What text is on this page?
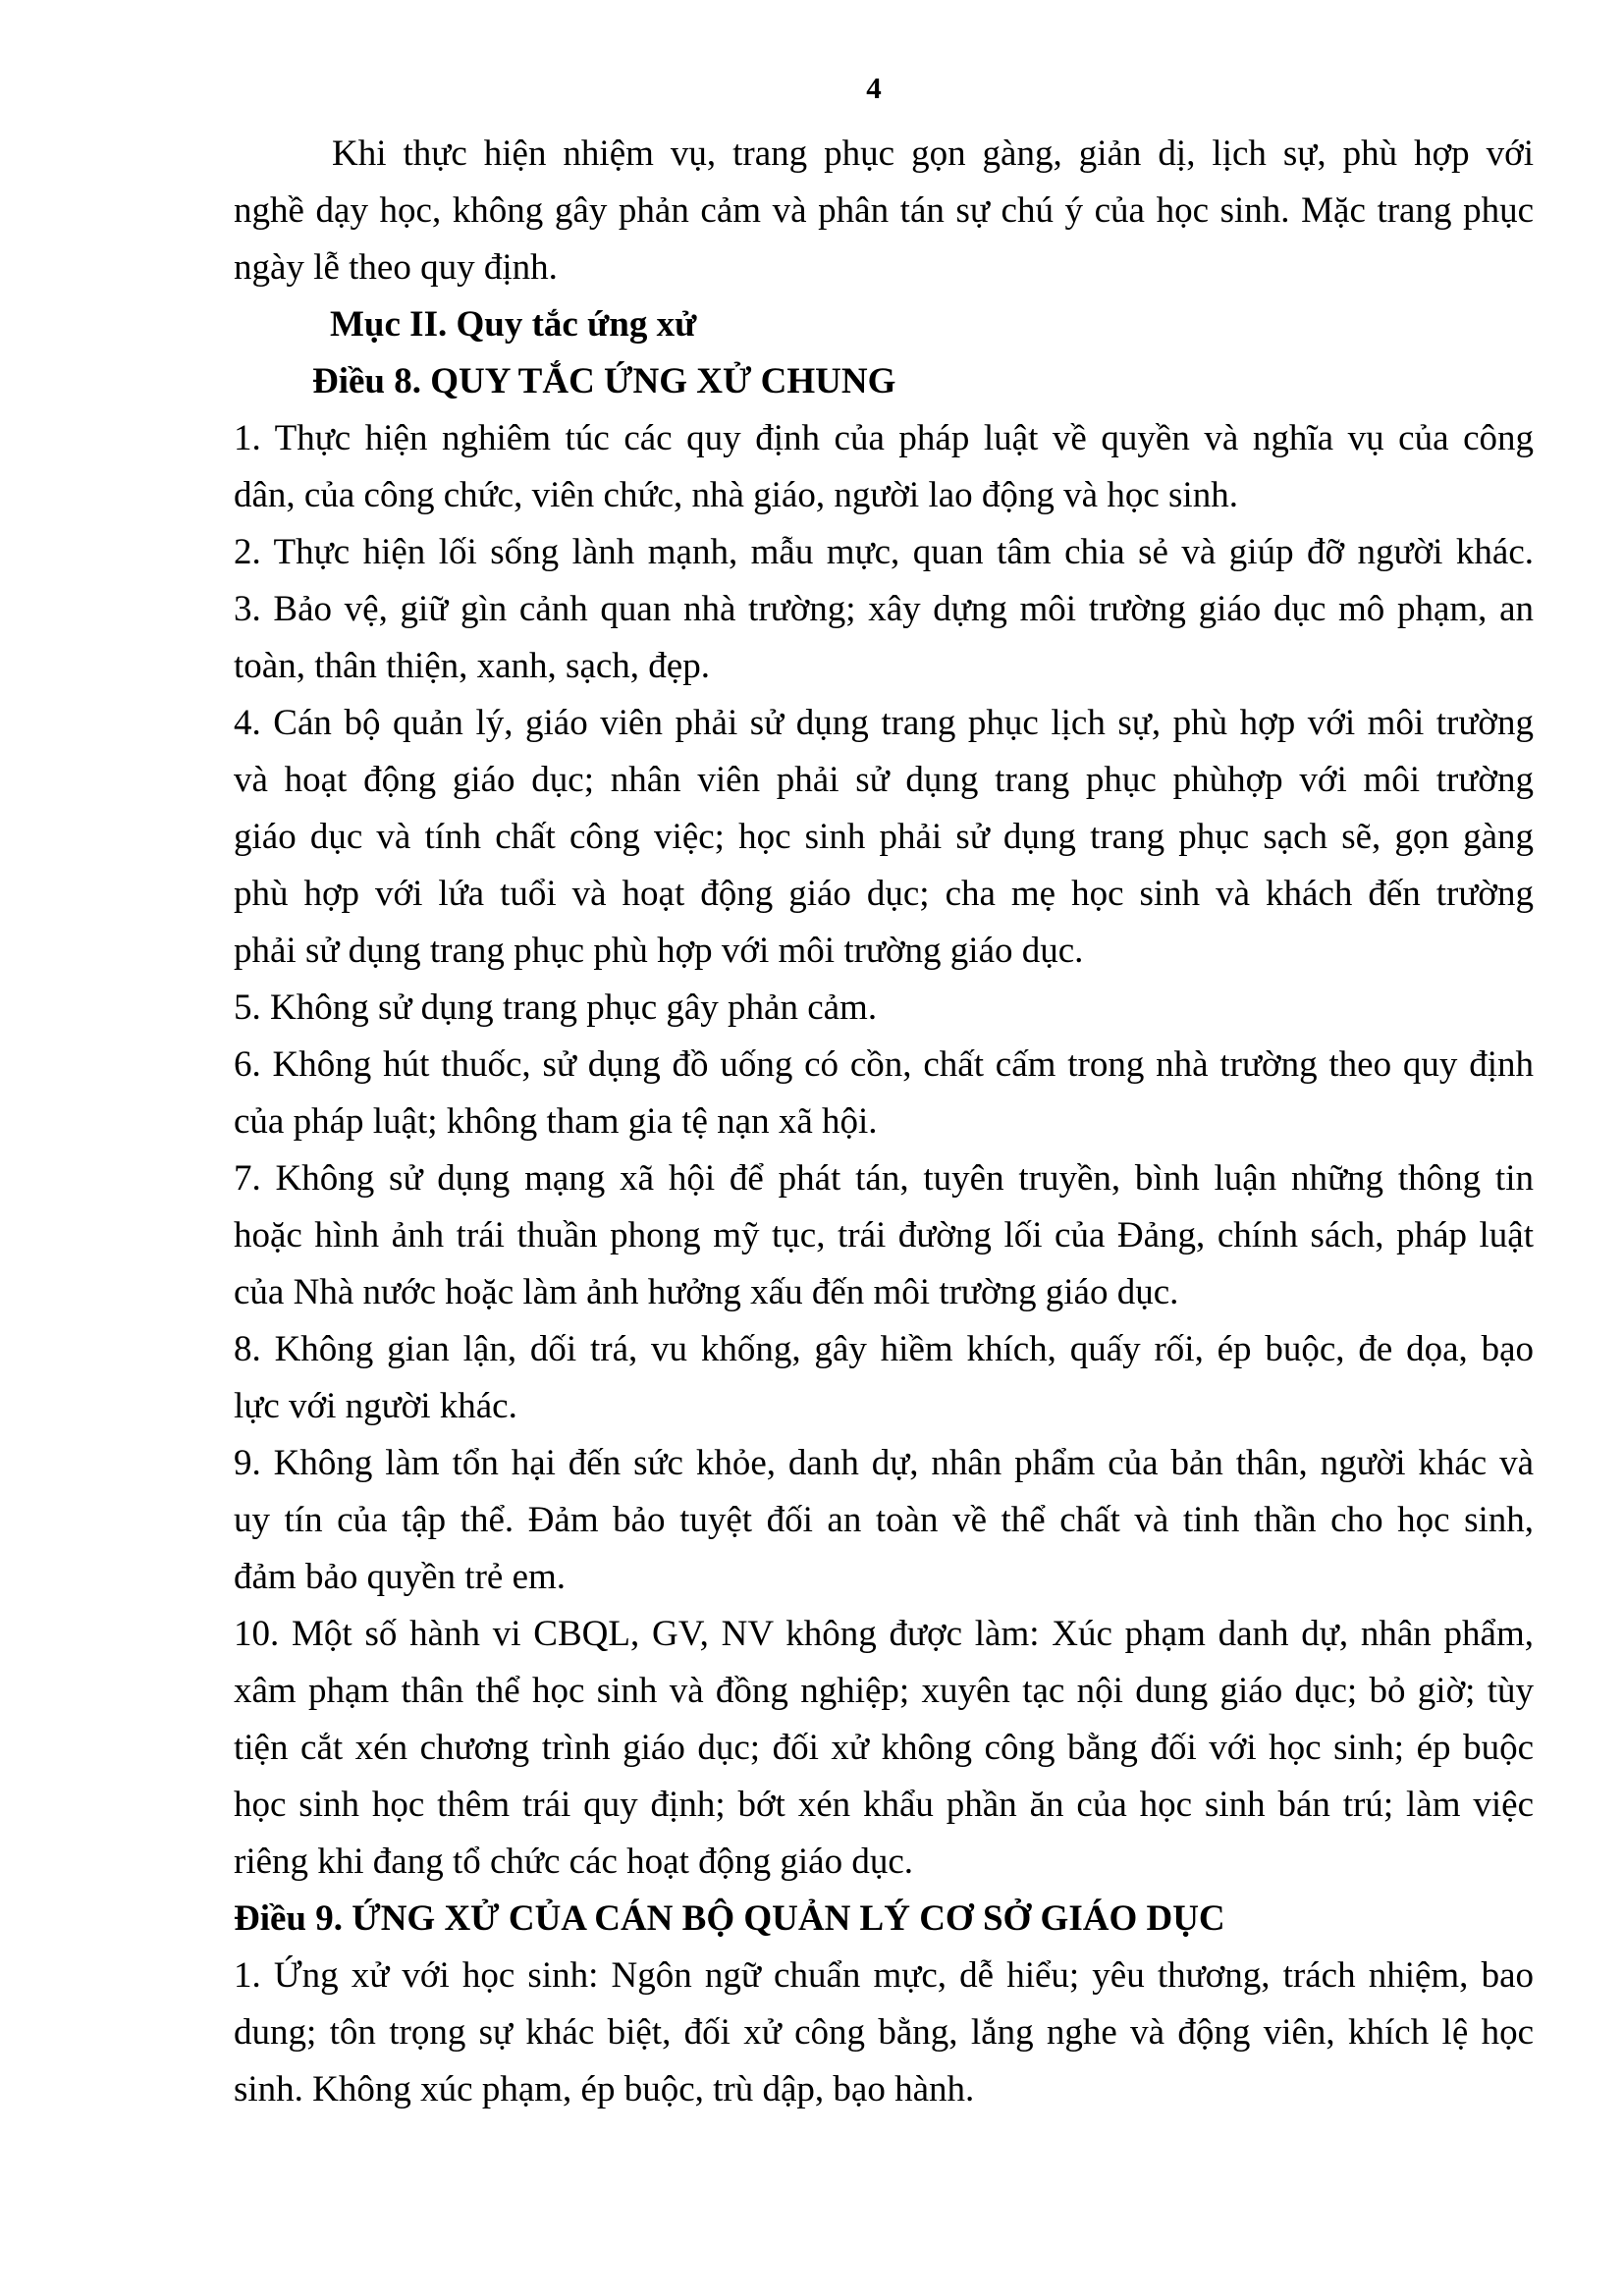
4
Khi thực hiện nhiệm vụ, trang phục gọn gàng, giản dị, lịch sự, phù hợp với
nghề dạy học, không gây phản cảm và phân tán sự chú ý của học sinh. Mặc trang phục
ngày lễ theo quy định.
Mục II. Quy tắc ứng xử
Điều 8. QUY TẮC ỨNG XỬ CHUNG
1. Thực hiện nghiêm túc các quy định của pháp luật về quyền và nghĩa vụ của công
dân, của công chức, viên chức, nhà giáo, người lao động và học sinh.
2. Thực hiện lối sống lành mạnh, mẫu mực, quan tâm chia sẻ và giúp đỡ người khác.
3. Bảo vệ, giữ gìn cảnh quan nhà trường; xây dựng môi trường giáo dục mô phạm, an
toàn, thân thiện, xanh, sạch, đẹp.
4. Cán bộ quản lý, giáo viên phải sử dụng trang phục lịch sự, phù hợp với môi trường
và hoạt động giáo dục; nhân viên phải sử dụng trang phục phùhợp với môi trường
giáo dục và tính chất công việc; học sinh phải sử dụng trang phục sạch sẽ, gọn gàng
phù hợp với lứa tuổi và hoạt động giáo dục; cha mẹ học sinh và khách đến trường
phải sử dụng trang phục phù hợp với môi trường giáo dục.
5. Không sử dụng trang phục gây phản cảm.
6. Không hút thuốc, sử dụng đồ uống có cồn, chất cấm trong nhà trường theo quy định
của pháp luật; không tham gia tệ nạn xã hội.
7. Không sử dụng mạng xã hội để phát tán, tuyên truyền, bình luận những thông tin
hoặc hình ảnh trái thuần phong mỹ tục, trái đường lối của Đảng, chính sách, pháp luật
của Nhà nước hoặc làm ảnh hưởng xấu đến môi trường giáo dục.
8. Không gian lận, dối trá, vu khống, gây hiềm khích, quấy rối, ép buộc, đe dọa, bạo
lực với người khác.
9. Không làm tổn hại đến sức khỏe, danh dự, nhân phẩm của bản thân, người khác và
uy tín của tập thể. Đảm bảo tuyệt đối an toàn về thể chất và tinh thần cho học sinh,
đảm bảo quyền trẻ em.
10. Một số hành vi CBQL, GV, NV không được làm: Xúc phạm danh dự, nhân phẩm,
xâm phạm thân thể học sinh và đồng nghiệp; xuyên tạc nội dung giáo dục; bỏ giờ; tùy
tiện cắt xén chương trình giáo dục; đối xử không công bằng đối với học sinh; ép buộc
học sinh học thêm trái quy định; bớt xén khẩu phần ăn của học sinh bán trú; làm việc
riêng khi đang tổ chức các hoạt động giáo dục.
Điều 9. ỨNG XỬ CỦA CÁN BỘ QUẢN LÝ CƠ SỞ GIÁO DỤC
1. Ứng xử với học sinh: Ngôn ngữ chuẩn mực, dễ hiểu; yêu thương, trách nhiệm, bao
dung; tôn trọng sự khác biệt, đối xử công bằng, lắng nghe và động viên, khích lệ học
sinh. Không xúc phạm, ép buộc, trù dập, bạo hành.
